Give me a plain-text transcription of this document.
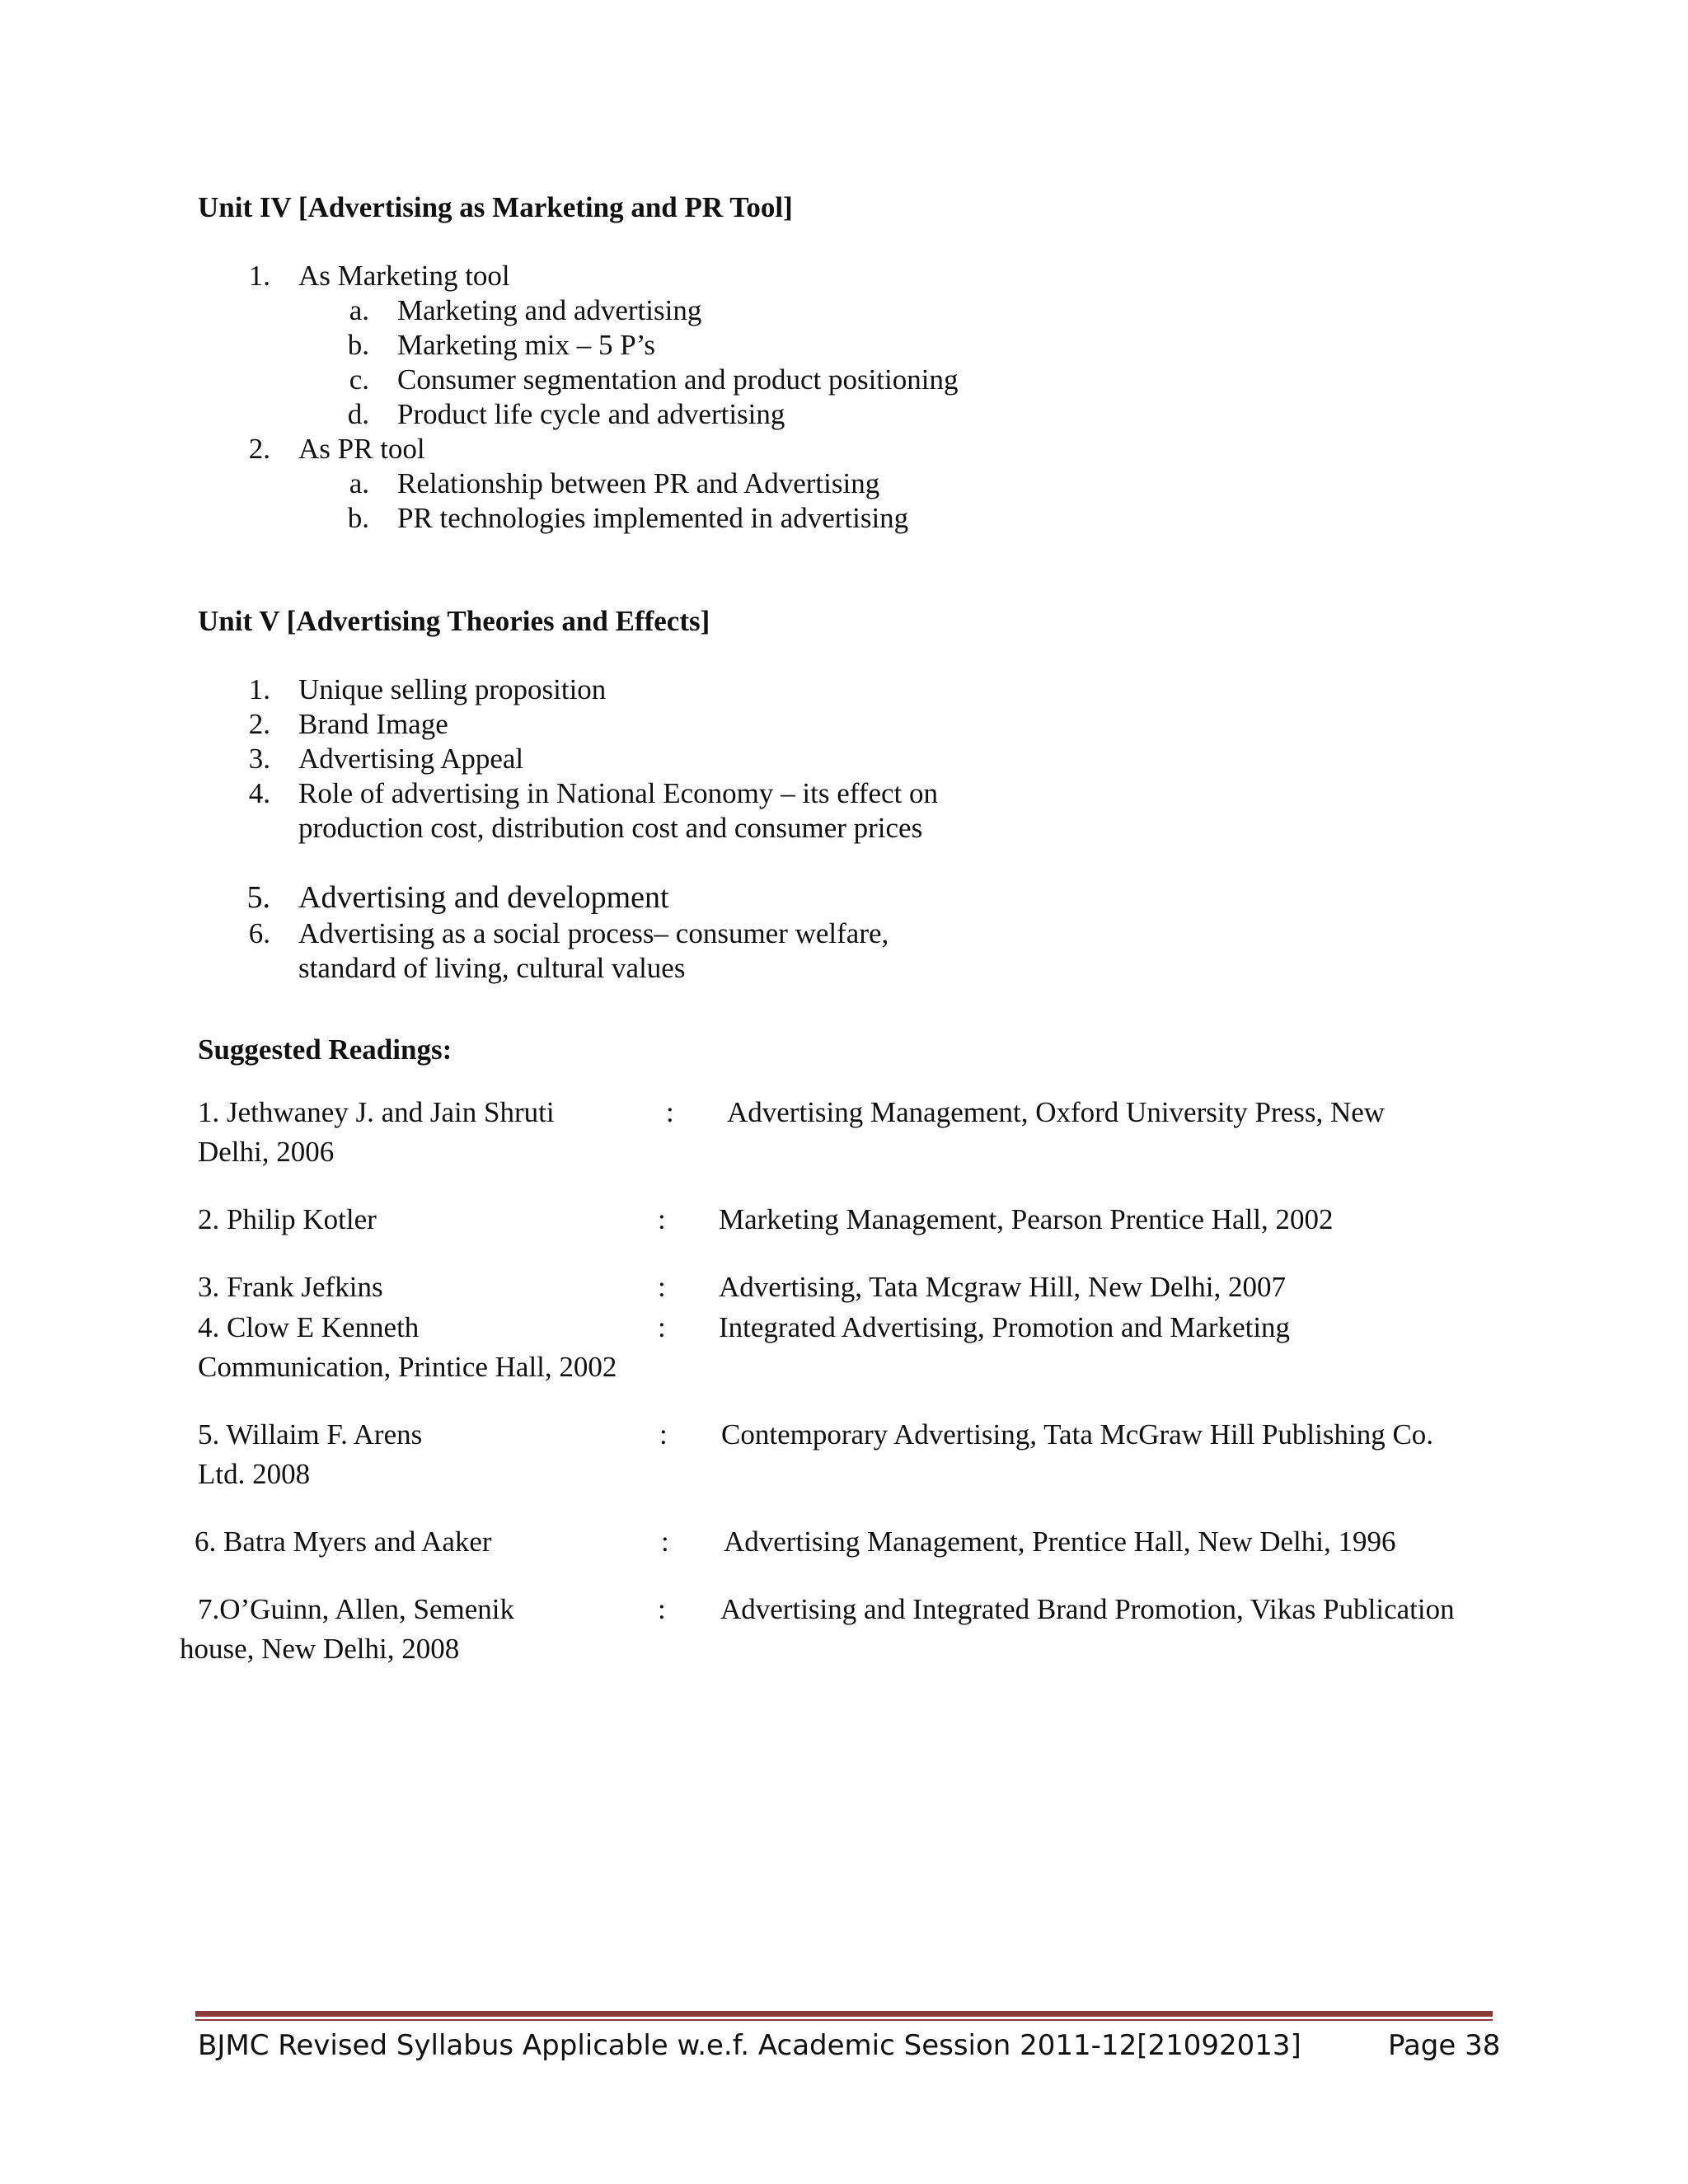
Unit IV [Advertising as Marketing and PR Tool]
1. As Marketing tool
a. Marketing and advertising
b. Marketing mix – 5 P’s
c. Consumer segmentation and product positioning
d. Product life cycle and advertising
2. As PR tool
a. Relationship between PR and Advertising
b. PR technologies implemented in advertising
Unit V [Advertising Theories and Effects]
1. Unique selling proposition
2. Brand Image
3. Advertising Appeal
4. Role of advertising in National Economy – its effect on
production cost, distribution cost and consumer prices
5. Advertising and development
6. Advertising as a social process– consumer welfare,
standard of living, cultural values
Suggested Readings:
1. Jethwaney J. and Jain Shruti	: Advertising Management, Oxford University Press, New
Delhi, 2006
2. Philip Kotler	: Marketing Management, Pearson Prentice Hall, 2002
3. Frank Jefkins	: Advertising, Tata Mcgraw Hill, New Delhi, 2007
4. Clow E Kenneth	: Integrated Advertising, Promotion and Marketing
Communication, Printice Hall, 2002
5. Willaim F. Arens	: Contemporary Advertising, Tata McGraw Hill Publishing Co.
Ltd. 2008
6. Batra Myers and Aaker	: Advertising Management, Prentice Hall, New Delhi, 1996
7.O’Guinn, Allen, Semenik	: Advertising and Integrated Brand Promotion, Vikas Publication
house, New Delhi, 2008
BJMC Revised Syllabus Applicable w.e.f. Academic Session 2011-12[21092013]	Page 38
